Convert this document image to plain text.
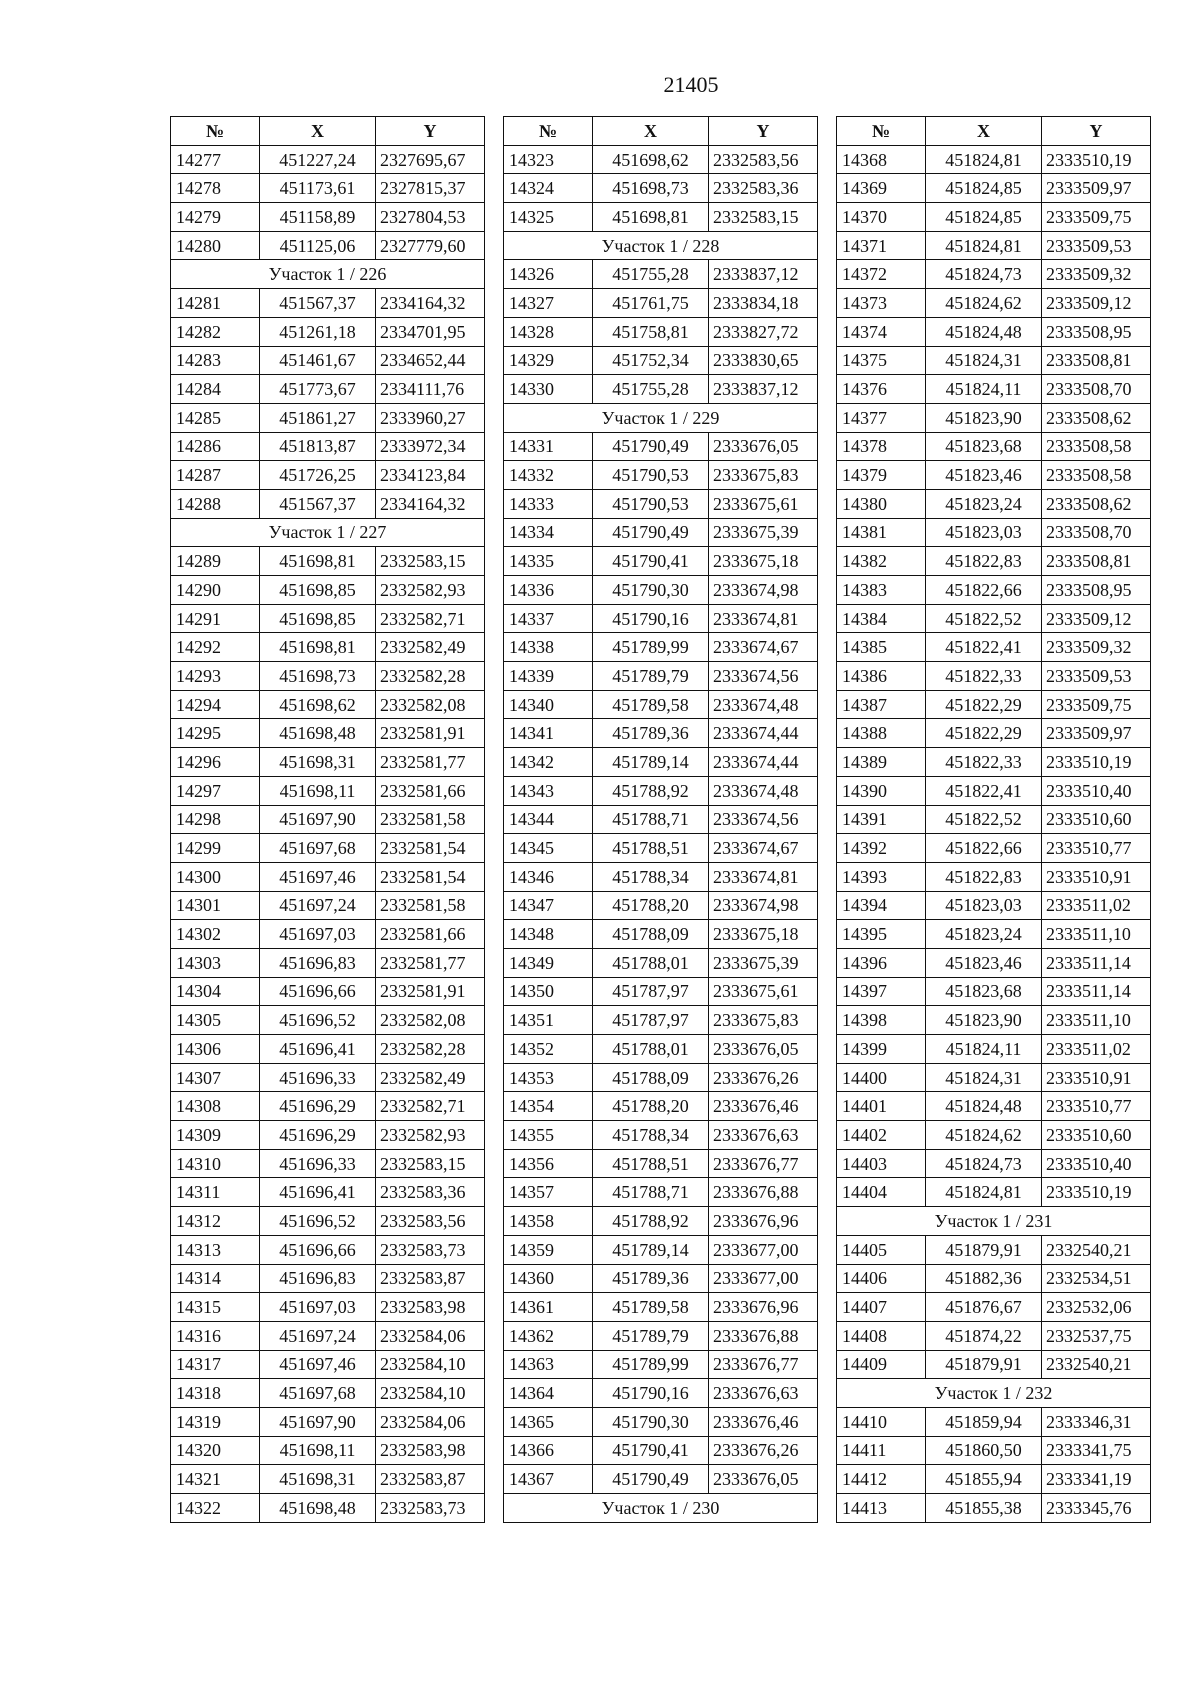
21405
№	X	Y
14277	451227,24	2327695,67
14278	451173,61	2327815,37
14279	451158,89	2327804,53
14280	451125,06	2327779,60
Участок 1 / 226		
14281	451567,37	2334164,32
14282	451261,18	2334701,95
14283	451461,67	2334652,44
14284	451773,67	2334111,76
14285	451861,27	2333960,27
14286	451813,87	2333972,34
14287	451726,25	2334123,84
14288	451567,37	2334164,32
Участок 1 / 227		
14289	451698,81	2332583,15
14290	451698,85	2332582,93
14291	451698,85	2332582,71
14292	451698,81	2332582,49
14293	451698,73	2332582,28
14294	451698,62	2332582,08
14295	451698,48	2332581,91
14296	451698,31	2332581,77
14297	451698,11	2332581,66
14298	451697,90	2332581,58
14299	451697,68	2332581,54
14300	451697,46	2332581,54
14301	451697,24	2332581,58
14302	451697,03	2332581,66
14303	451696,83	2332581,77
14304	451696,66	2332581,91
14305	451696,52	2332582,08
14306	451696,41	2332582,28
14307	451696,33	2332582,49
14308	451696,29	2332582,71
14309	451696,29	2332582,93
14310	451696,33	2332583,15
14311	451696,41	2332583,36
14312	451696,52	2332583,56
14313	451696,66	2332583,73
14314	451696,83	2332583,87
14315	451697,03	2332583,98
14316	451697,24	2332584,06
14317	451697,46	2332584,10
14318	451697,68	2332584,10
14319	451697,90	2332584,06
14320	451698,11	2332583,98
14321	451698,31	2332583,87
14322	451698,48	2332583,73
№	X	Y
14323	451698,62	2332583,56
14324	451698,73	2332583,36
14325	451698,81	2332583,15
Участок 1 / 228		
14326	451755,28	2333837,12
14327	451761,75	2333834,18
14328	451758,81	2333827,72
14329	451752,34	2333830,65
14330	451755,28	2333837,12
Участок 1 / 229		
14331	451790,49	2333676,05
14332	451790,53	2333675,83
14333	451790,53	2333675,61
14334	451790,49	2333675,39
14335	451790,41	2333675,18
14336	451790,30	2333674,98
14337	451790,16	2333674,81
14338	451789,99	2333674,67
14339	451789,79	2333674,56
14340	451789,58	2333674,48
14341	451789,36	2333674,44
14342	451789,14	2333674,44
14343	451788,92	2333674,48
14344	451788,71	2333674,56
14345	451788,51	2333674,67
14346	451788,34	2333674,81
14347	451788,20	2333674,98
14348	451788,09	2333675,18
14349	451788,01	2333675,39
14350	451787,97	2333675,61
14351	451787,97	2333675,83
14352	451788,01	2333676,05
14353	451788,09	2333676,26
14354	451788,20	2333676,46
14355	451788,34	2333676,63
14356	451788,51	2333676,77
14357	451788,71	2333676,88
14358	451788,92	2333676,96
14359	451789,14	2333677,00
14360	451789,36	2333677,00
14361	451789,58	2333676,96
14362	451789,79	2333676,88
14363	451789,99	2333676,77
14364	451790,16	2333676,63
14365	451790,30	2333676,46
14366	451790,41	2333676,26
14367	451790,49	2333676,05
Участок 1 / 230		
№	X	Y
14368	451824,81	2333510,19
14369	451824,85	2333509,97
14370	451824,85	2333509,75
14371	451824,81	2333509,53
14372	451824,73	2333509,32
14373	451824,62	2333509,12
14374	451824,48	2333508,95
14375	451824,31	2333508,81
14376	451824,11	2333508,70
14377	451823,90	2333508,62
14378	451823,68	2333508,58
14379	451823,46	2333508,58
14380	451823,24	2333508,62
14381	451823,03	2333508,70
14382	451822,83	2333508,81
14383	451822,66	2333508,95
14384	451822,52	2333509,12
14385	451822,41	2333509,32
14386	451822,33	2333509,53
14387	451822,29	2333509,75
14388	451822,29	2333509,97
14389	451822,33	2333510,19
14390	451822,41	2333510,40
14391	451822,52	2333510,60
14392	451822,66	2333510,77
14393	451822,83	2333510,91
14394	451823,03	2333511,02
14395	451823,24	2333511,10
14396	451823,46	2333511,14
14397	451823,68	2333511,14
14398	451823,90	2333511,10
14399	451824,11	2333511,02
14400	451824,31	2333510,91
14401	451824,48	2333510,77
14402	451824,62	2333510,60
14403	451824,73	2333510,40
14404	451824,81	2333510,19
Участок 1 / 231		
14405	451879,91	2332540,21
14406	451882,36	2332534,51
14407	451876,67	2332532,06
14408	451874,22	2332537,75
14409	451879,91	2332540,21
Участок 1 / 232		
14410	451859,94	2333346,31
14411	451860,50	2333341,75
14412	451855,94	2333341,19
14413	451855,38	2333345,76
